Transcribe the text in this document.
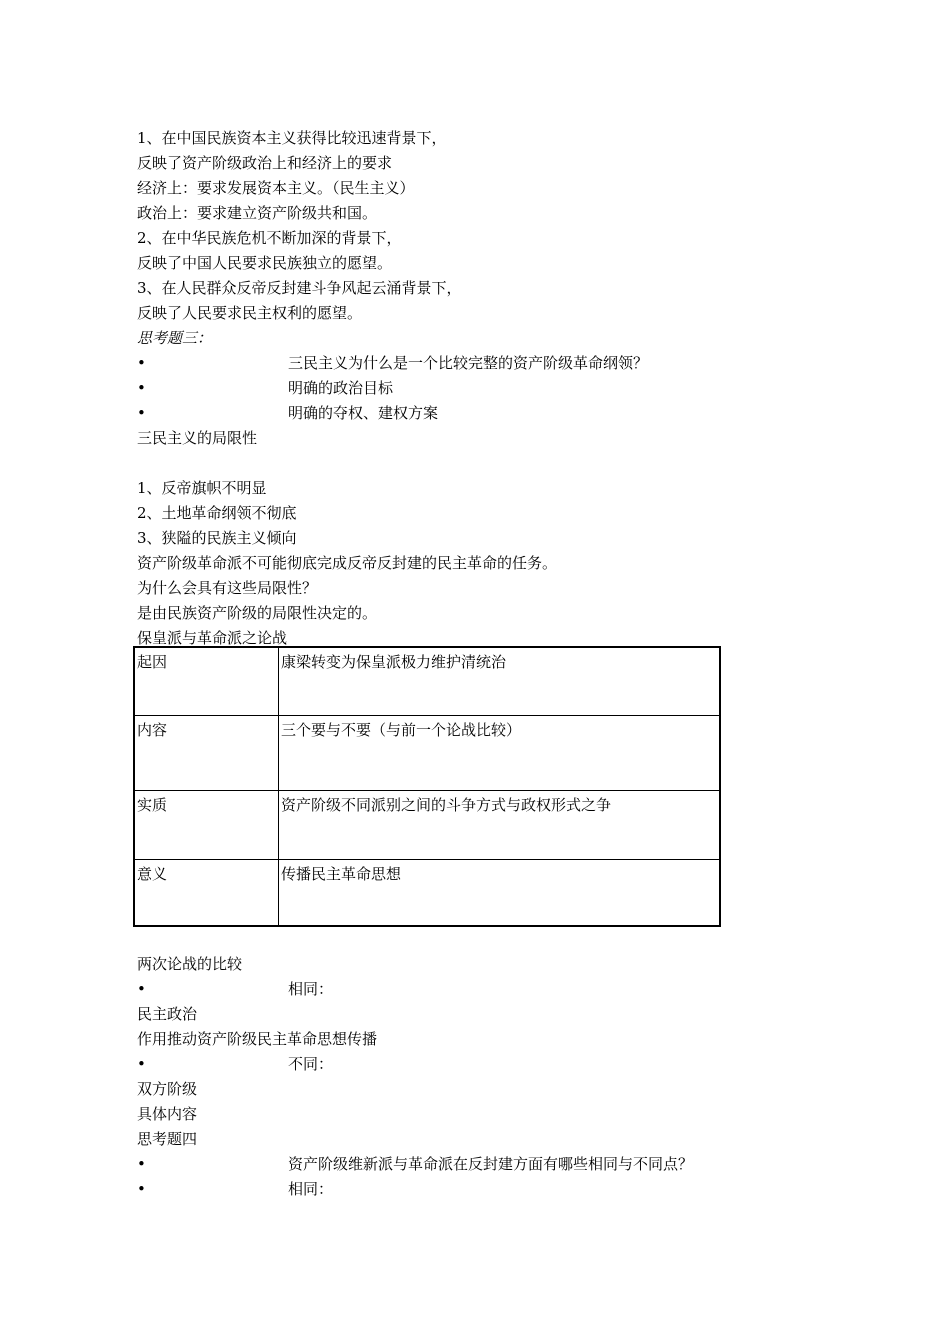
1、在中国民族资本主义获得比较迅速背景下，
反映了资产阶级政治上和经济上的要求
经济上：要求发展资本主义。（民生主义）
政治上：要求建立资产阶级共和国。
2、在中华民族危机不断加深的背景下，
反映了中国人民要求民族独立的愿望。
3、在人民群众反帝反封建斗争风起云涌背景下，
反映了人民要求民主权利的愿望。
思考题三：
•	三民主义为什么是一个比较完整的资产阶级革命纲领？
•	明确的政治目标
•	明确的夺权、建权方案
三民主义的局限性
1、反帝旗帜不明显
2、土地革命纲领不彻底
3、狭隘的民族主义倾向
资产阶级革命派不可能彻底完成反帝反封建的民主革命的任务。
为什么会具有这些局限性？
是由民族资产阶级的局限性决定的。
保皇派与革命派之论战
起因	康梁转变为保皇派极力维护清统治
内容	三个要与不要（与前一个论战比较）
实质	资产阶级不同派别之间的斗争方式与政权形式之争
意义	传播民主革命思想
两次论战的比较
•	相同：
民主政治
作用推动资产阶级民主革命思想传播
•	不同：
双方阶级
具体内容
思考题四
•	资产阶级维新派与革命派在反封建方面有哪些相同与不同点？
•	相同：
